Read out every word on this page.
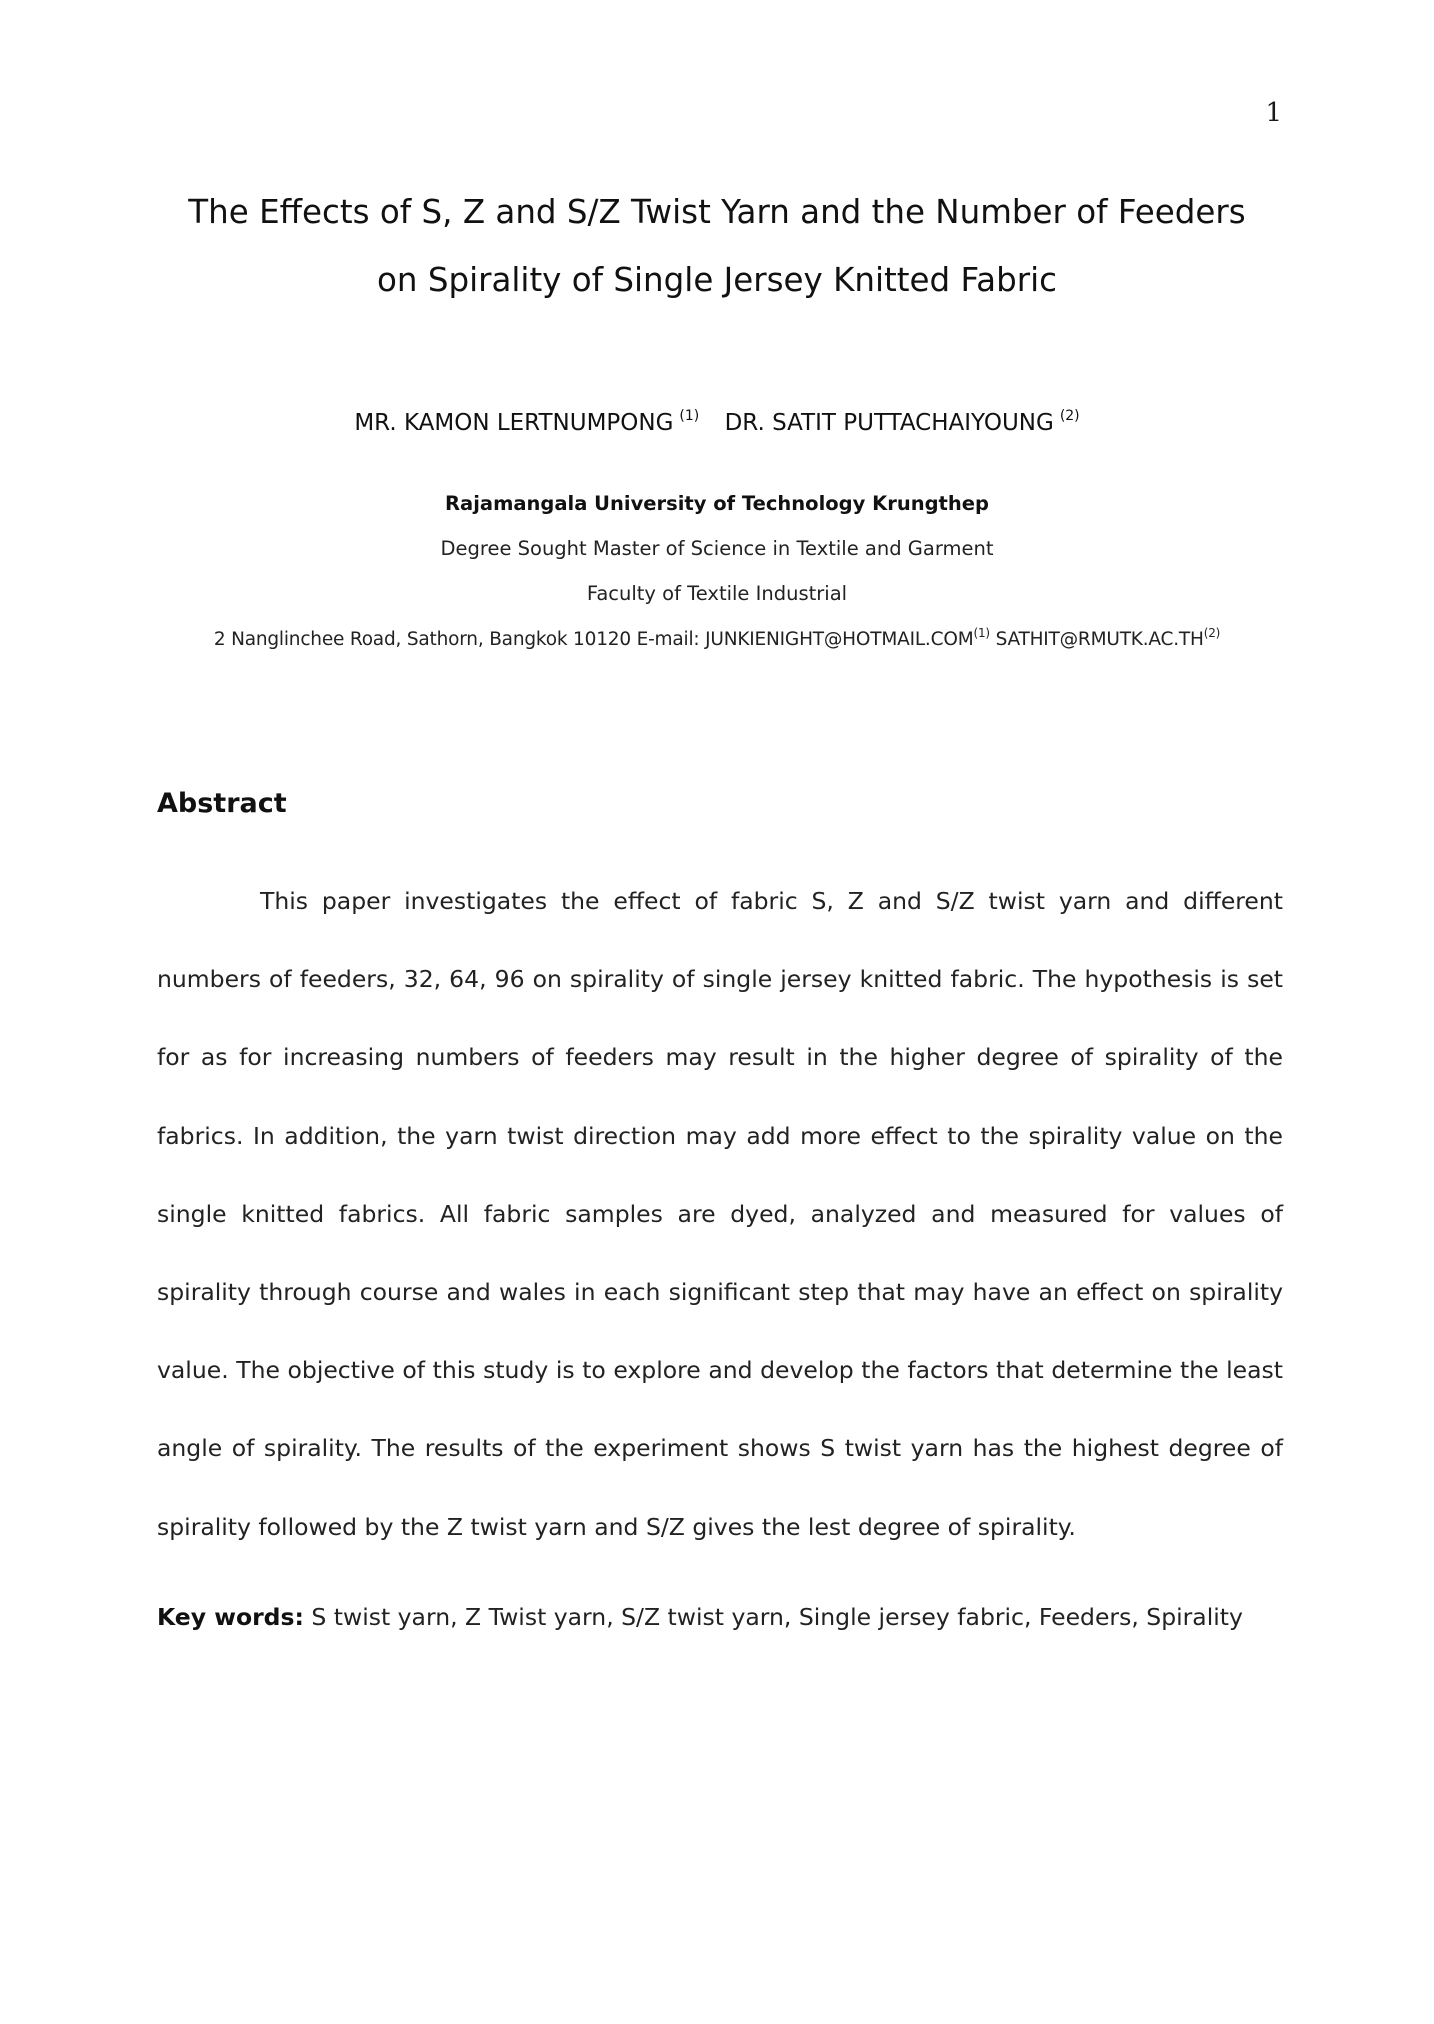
1
The Effects of S, Z and S/Z Twist Yarn and the Number of Feeders
on Spirality of Single Jersey Knitted Fabric
MR. KAMON LERTNUMPONG $^{(1)}$ DR. SATIT PUTTACHAIYOUNG $^{(2)}$
Rajamangala University of Technology Krungthep
Degree Sought Master of Science in Textile and Garment
Faculty of Textile Industrial
2 Nanglinchee Road, Sathorn, Bangkok 10120 E-mail: JUNKIENIGHT@HOTMAIL.COM$^{(1)}$ SATHIT@RMUTK.AC.TH$^{(2)}$
Abstract

This paper investigates the effect of fabric S, Z and S/Z twist yarn and different numbers of feeders, 32, 64, 96 on spirality of single jersey knitted fabric. The hypothesis is set for as for increasing numbers of feeders may result in the higher degree of spirality of the fabrics. In addition, the yarn twist direction may add more effect to the spirality value on the single knitted fabrics. All fabric samples are dyed, analyzed and measured for values of spirality through course and wales in each significant step that may have an effect on spirality value. The objective of this study is to explore and develop the factors that determine the least angle of spirality. The results of the experiment shows S twist yarn has the highest degree of spirality followed by the Z twist yarn and S/Z gives the lest degree of spirality.

Key words: S twist yarn, Z Twist yarn, S/Z twist yarn, Single jersey fabric, Feeders, Spirality
